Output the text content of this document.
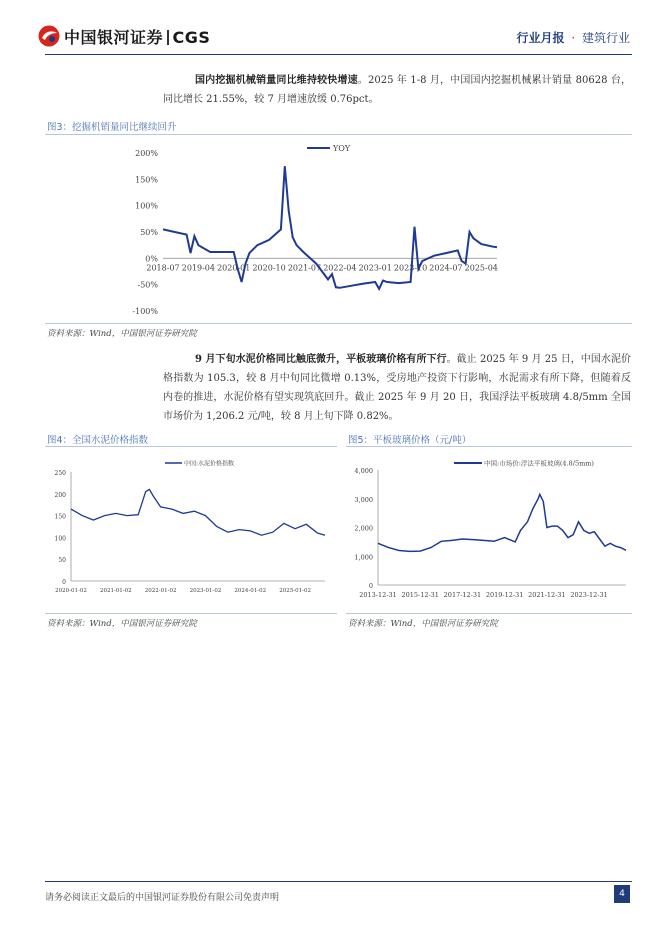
中国银河证券 CGS	行业月报 · 建筑行业
国内挖掘机械销量同比维持较快增速。2025 年 1-8 月，中国国内挖掘机械累计销量 80628 台，同比增长 21.55%，较 7 月增速放缓 0.76pct。
图3：挖掘机销量同比继续回升
200%
150%
100%
50%
0%
-50%
-100%
2018-07 2019-04 2020-01 2020-10 2021-07 2022-04 2023-01 2023-10 2024-07 2025-04
YOY
资料来源：Wind，中国银河证券研究院
9 月下旬水泥价格同比触底微升，平板玻璃价格有所下行。截止 2025 年 9 月 25 日，中国水泥价格指数为 105.3，较 8 月中旬同比微增 0.13%，受房地产投资下行影响，水泥需求有所下降，但随着反内卷的推进，水泥价格有望实现筑底回升。截止 2025 年 9 月 20 日，我国浮法平板玻璃 4.8/5mm 全国市场价为 1,206.2 元/吨，较 8 月上旬下降 0.82%。
图4：全国水泥价格指数
250
200
150
100
50
0
2020-01-02 2021-01-02 2022-01-02 2023-01-02 2024-01-02 2025-01-02
中国:水泥价格指数
资料来源：Wind，中国银河证券研究院
图5：平板玻璃价格（元/吨）
4,000
3,000
2,000
1,000
0
2013-12-31 2015-12-31 2017-12-31 2019-12-31 2021-12-31 2023-12-31
中国:市场价:浮法平板玻璃(4.8/5mm)
资料来源：Wind，中国银河证券研究院
请务必阅读正文最后的中国银河证券股份有限公司免责声明	4
